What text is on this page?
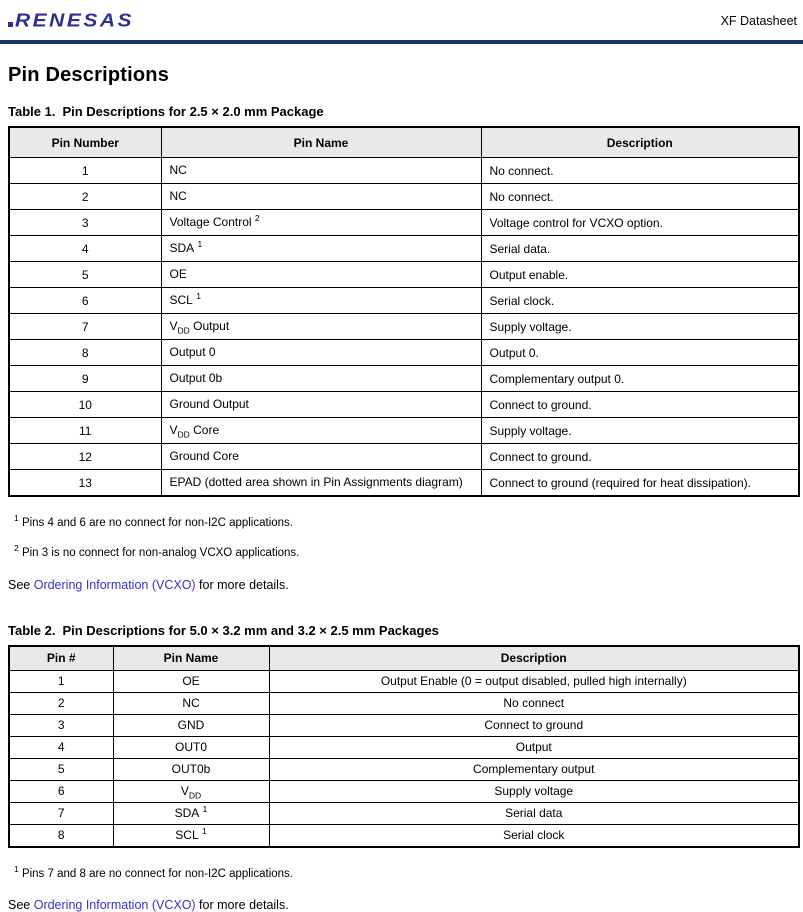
RENESAS	XF Datasheet
Pin Descriptions
Table 1. Pin Descriptions for 2.5 × 2.0 mm Package
Pin Number	Pin Name	Description
1	NC	No connect.
2	NC	No connect.
3	Voltage Control $^2$	Voltage control for VCXO option.
4	SDA $^1$	Serial data.
5	OE	Output enable.
6	SCL $^1$	Serial clock.
7	$V_{DD}$ Output	Supply voltage.
8	Output 0	Output 0.
9	Output 0b	Complementary output 0.
10	Ground Output	Connect to ground.
11	$V_{DD}$ Core	Supply voltage.
12	Ground Core	Connect to ground.
13	EPAD (dotted area shown in Pin Assignments diagram)	Connect to ground (required for heat dissipation).
$^1$ Pins 4 and 6 are no connect for non-I2C applications.
$^2$ Pin 3 is no connect for non-analog VCXO applications.
See Ordering Information (VCXO) for more details.
Table 2. Pin Descriptions for 5.0 × 3.2 mm and 3.2 × 2.5 mm Packages
Pin #	Pin Name	Description
1	OE	Output Enable (0 = output disabled, pulled high internally)
2	NC	No connect
3	GND	Connect to ground
4	OUT0	Output
5	OUT0b	Complementary output
6	$V_{DD}$	Supply voltage
7	SDA $^1$	Serial data
8	SCL $^1$	Serial clock
$^1$ Pins 7 and 8 are no connect for non-I2C applications.
See Ordering Information (VCXO) for more details.
